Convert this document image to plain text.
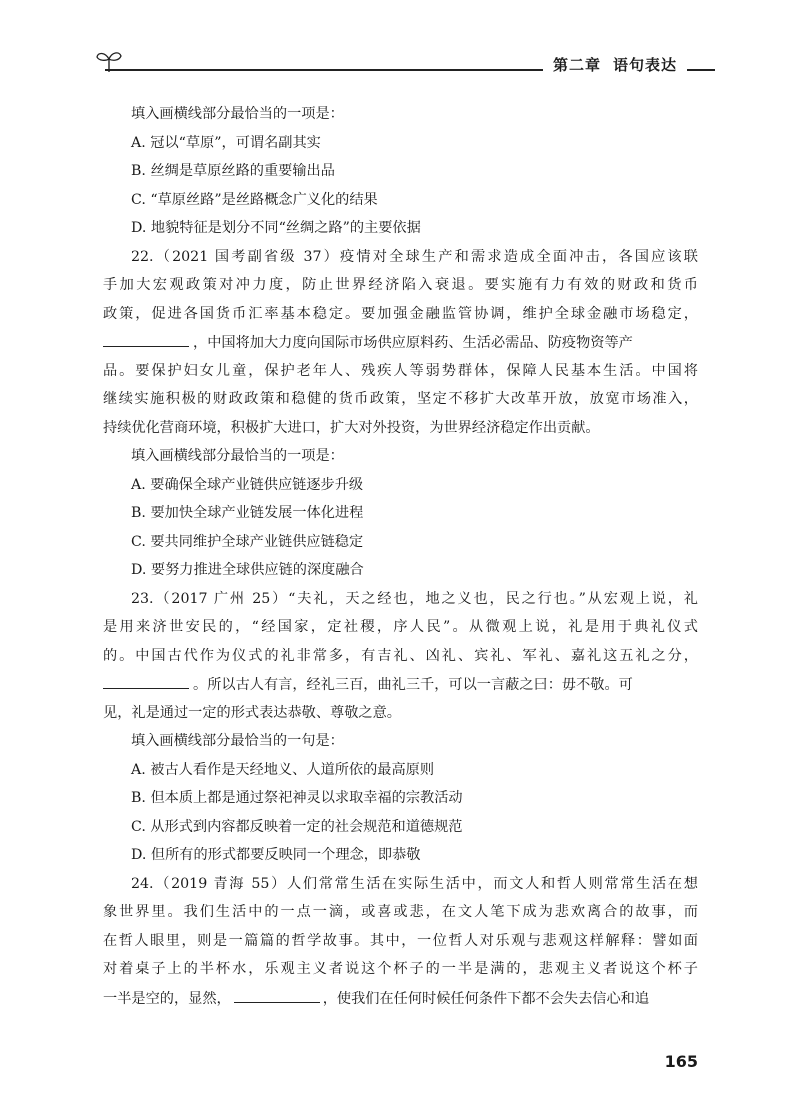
第二章 语句表达
填入画横线部分最恰当的一项是：
A. 冠以“草原”，可谓名副其实
B. 丝绸是草原丝路的重要输出品
C. “草原丝路”是丝路概念广义化的结果
D. 地貌特征是划分不同“丝绸之路”的主要依据
22.（2021 国考副省级 37）疫情对全球生产和需求造成全面冲击，各国应该联
手加大宏观政策对冲力度，防止世界经济陷入衰退。要实施有力有效的财政和货币
政策，促进各国货币汇率基本稳定。要加强金融监管协调，维护全球金融市场稳定，
，中国将加大力度向国际市场供应原料药、生活必需品、防疫物资等产
品。要保护妇女儿童，保护老年人、残疾人等弱势群体，保障人民基本生活。中国将
继续实施积极的财政政策和稳健的货币政策，坚定不移扩大改革开放，放宽市场准入，
持续优化营商环境，积极扩大进口，扩大对外投资，为世界经济稳定作出贡献。
填入画横线部分最恰当的一项是：
A. 要确保全球产业链供应链逐步升级
B. 要加快全球产业链发展一体化进程
C. 要共同维护全球产业链供应链稳定
D. 要努力推进全球供应链的深度融合
23.（2017 广州 25）“夫礼，天之经也，地之义也，民之行也。”从宏观上说，礼
是用来济世安民的，“经国家，定社稷，序人民”。从微观上说，礼是用于典礼仪式
的。中国古代作为仪式的礼非常多，有吉礼、凶礼、宾礼、军礼、嘉礼这五礼之分，
。所以古人有言，经礼三百，曲礼三千，可以一言蔽之曰：毋不敬。可
见，礼是通过一定的形式表达恭敬、尊敬之意。
填入画横线部分最恰当的一句是：
A. 被古人看作是天经地义、人道所依的最高原则
B. 但本质上都是通过祭祀神灵以求取幸福的宗教活动
C. 从形式到内容都反映着一定的社会规范和道德规范
D. 但所有的形式都要反映同一个理念，即恭敬
24.（2019 青海 55）人们常常生活在实际生活中，而文人和哲人则常常生活在想
象世界里。我们生活中的一点一滴，或喜或悲，在文人笔下成为悲欢离合的故事，而
在哲人眼里，则是一篇篇的哲学故事。其中，一位哲人对乐观与悲观这样解释：譬如面
对着桌子上的半杯水，乐观主义者说这个杯子的一半是满的，悲观主义者说这个杯子
一半是空的，显然，	，使我们在任何时候任何条件下都不会失去信心和追
165
